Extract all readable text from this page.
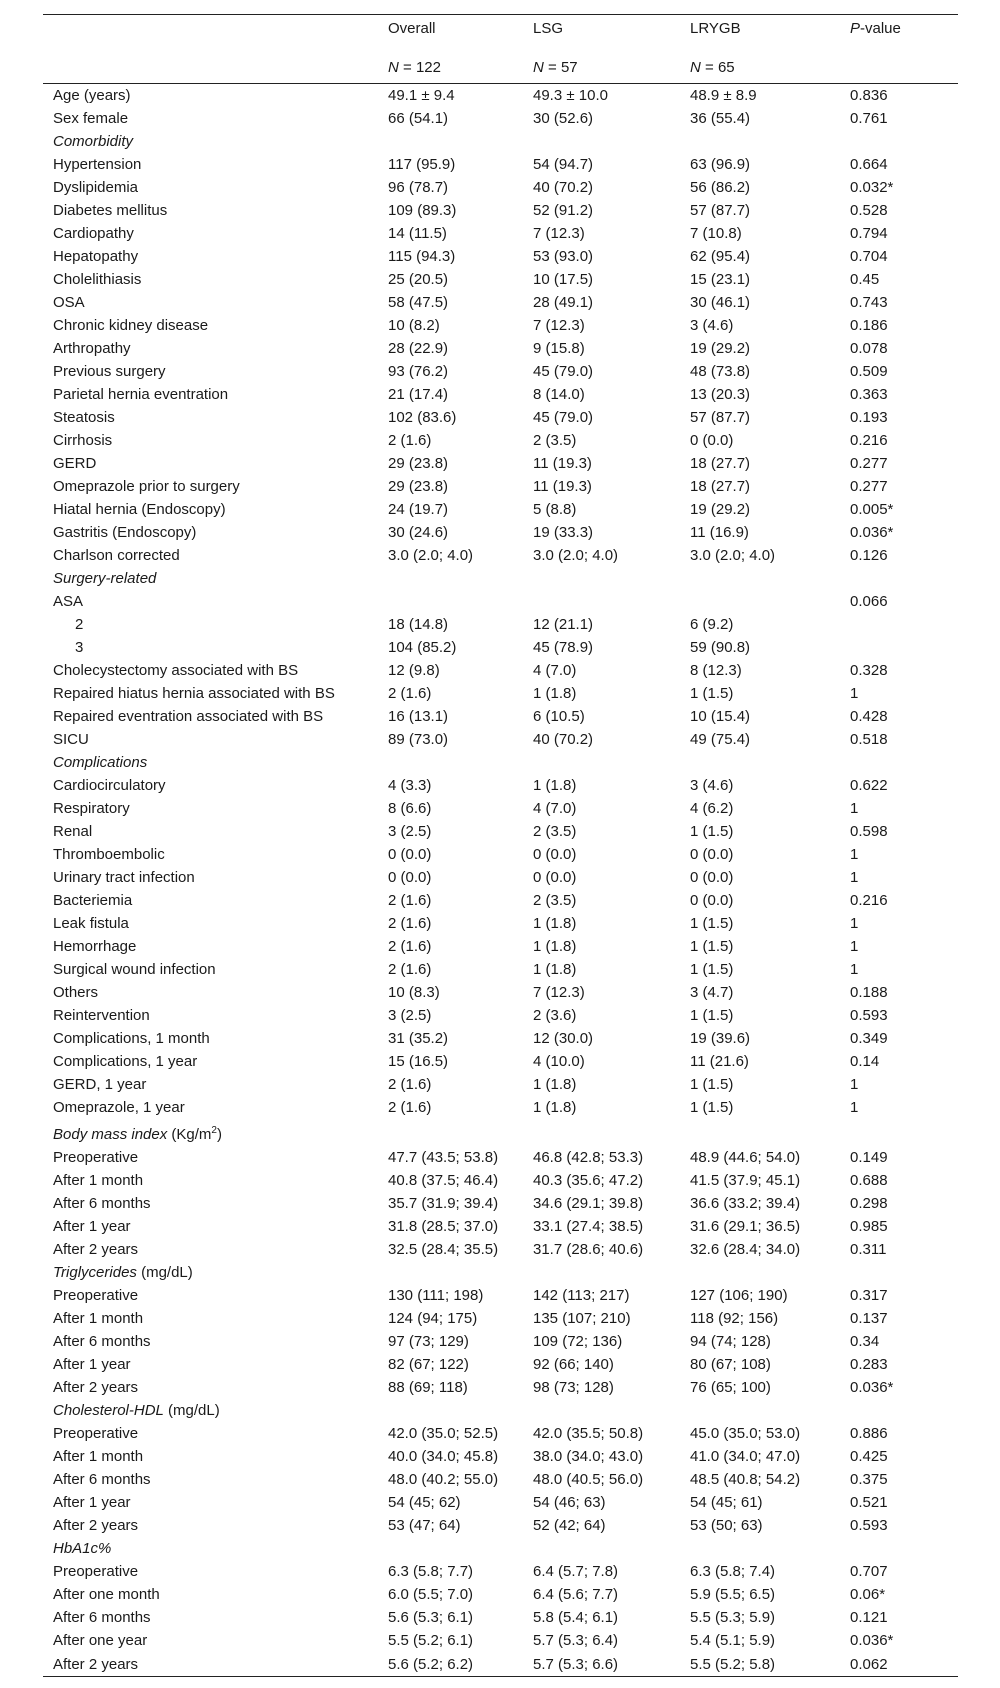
	Overall	LSG	LRYGB	P-value
	N = 122	N = 57	N = 65	
Age (years)	49.1 ± 9.4	49.3 ± 10.0	48.9 ± 8.9	0.836
Sex female	66 (54.1)	30 (52.6)	36 (55.4)	0.761
Comorbidity				
Hypertension	117 (95.9)	54 (94.7)	63 (96.9)	0.664
Dyslipidemia	96 (78.7)	40 (70.2)	56 (86.2)	0.032*
Diabetes mellitus	109 (89.3)	52 (91.2)	57 (87.7)	0.528
Cardiopathy	14 (11.5)	7 (12.3)	7 (10.8)	0.794
Hepatopathy	115 (94.3)	53 (93.0)	62 (95.4)	0.704
Cholelithiasis	25 (20.5)	10 (17.5)	15 (23.1)	0.45
OSA	58 (47.5)	28 (49.1)	30 (46.1)	0.743
Chronic kidney disease	10 (8.2)	7 (12.3)	3 (4.6)	0.186
Arthropathy	28 (22.9)	9 (15.8)	19 (29.2)	0.078
Previous surgery	93 (76.2)	45 (79.0)	48 (73.8)	0.509
Parietal hernia eventration	21 (17.4)	8 (14.0)	13 (20.3)	0.363
Steatosis	102 (83.6)	45 (79.0)	57 (87.7)	0.193
Cirrhosis	2 (1.6)	2 (3.5)	0 (0.0)	0.216
GERD	29 (23.8)	11 (19.3)	18 (27.7)	0.277
Omeprazole prior to surgery	29 (23.8)	11 (19.3)	18 (27.7)	0.277
Hiatal hernia (Endoscopy)	24 (19.7)	5 (8.8)	19 (29.2)	0.005*
Gastritis (Endoscopy)	30 (24.6)	19 (33.3)	11 (16.9)	0.036*
Charlson corrected	3.0 (2.0; 4.0)	3.0 (2.0; 4.0)	3.0 (2.0; 4.0)	0.126
Surgery-related				
ASA				0.066
2	18 (14.8)	12 (21.1)	6 (9.2)	
3	104 (85.2)	45 (78.9)	59 (90.8)	
Cholecystectomy associated with BS	12 (9.8)	4 (7.0)	8 (12.3)	0.328
Repaired hiatus hernia associated with BS	2 (1.6)	1 (1.8)	1 (1.5)	1
Repaired eventration associated with BS	16 (13.1)	6 (10.5)	10 (15.4)	0.428
SICU	89 (73.0)	40 (70.2)	49 (75.4)	0.518
Complications				
Cardiocirculatory	4 (3.3)	1 (1.8)	3 (4.6)	0.622
Respiratory	8 (6.6)	4 (7.0)	4 (6.2)	1
Renal	3 (2.5)	2 (3.5)	1 (1.5)	0.598
Thromboembolic	0 (0.0)	0 (0.0)	0 (0.0)	1
Urinary tract infection	0 (0.0)	0 (0.0)	0 (0.0)	1
Bacteriemia	2 (1.6)	2 (3.5)	0 (0.0)	0.216
Leak fistula	2 (1.6)	1 (1.8)	1 (1.5)	1
Hemorrhage	2 (1.6)	1 (1.8)	1 (1.5)	1
Surgical wound infection	2 (1.6)	1 (1.8)	1 (1.5)	1
Others	10 (8.3)	7 (12.3)	3 (4.7)	0.188
Reintervention	3 (2.5)	2 (3.6)	1 (1.5)	0.593
Complications, 1 month	31 (35.2)	12 (30.0)	19 (39.6)	0.349
Complications, 1 year	15 (16.5)	4 (10.0)	11 (21.6)	0.14
GERD, 1 year	2 (1.6)	1 (1.8)	1 (1.5)	1
Omeprazole, 1 year	2 (1.6)	1 (1.8)	1 (1.5)	1
Body mass index $(Kg/m^2)$				
Preoperative	47.7 (43.5; 53.8)	46.8 (42.8; 53.3)	48.9 (44.6; 54.0)	0.149
After 1 month	40.8 (37.5; 46.4)	40.3 (35.6; 47.2)	41.5 (37.9; 45.1)	0.688
After 6 months	35.7 (31.9; 39.4)	34.6 (29.1; 39.8)	36.6 (33.2; 39.4)	0.298
After 1 year	31.8 (28.5; 37.0)	33.1 (27.4; 38.5)	31.6 (29.1; 36.5)	0.985
After 2 years	32.5 (28.4; 35.5)	31.7 (28.6; 40.6)	32.6 (28.4; 34.0)	0.311
Triglycerides (mg/dL)				
Preoperative	130 (111; 198)	142 (113; 217)	127 (106; 190)	0.317
After 1 month	124 (94; 175)	135 (107; 210)	118 (92; 156)	0.137
After 6 months	97 (73; 129)	109 (72; 136)	94 (74; 128)	0.34
After 1 year	82 (67; 122)	92 (66; 140)	80 (67; 108)	0.283
After 2 years	88 (69; 118)	98 (73; 128)	76 (65; 100)	0.036*
Cholesterol-HDL (mg/dL)				
Preoperative	42.0 (35.0; 52.5)	42.0 (35.5; 50.8)	45.0 (35.0; 53.0)	0.886
After 1 month	40.0 (34.0; 45.8)	38.0 (34.0; 43.0)	41.0 (34.0; 47.0)	0.425
After 6 months	48.0 (40.2; 55.0)	48.0 (40.5; 56.0)	48.5 (40.8; 54.2)	0.375
After 1 year	54 (45; 62)	54 (46; 63)	54 (45; 61)	0.521
After 2 years	53 (47; 64)	52 (42; 64)	53 (50; 63)	0.593
HbA1c%				
Preoperative	6.3 (5.8; 7.7)	6.4 (5.7; 7.8)	6.3 (5.8; 7.4)	0.707
After one month	6.0 (5.5; 7.0)	6.4 (5.6; 7.7)	5.9 (5.5; 6.5)	0.06*
After 6 months	5.6 (5.3; 6.1)	5.8 (5.4; 6.1)	5.5 (5.3; 5.9)	0.121
After one year	5.5 (5.2; 6.1)	5.7 (5.3; 6.4)	5.4 (5.1; 5.9)	0.036*
After 2 years	5.6 (5.2; 6.2)	5.7 (5.3; 6.6)	5.5 (5.2; 5.8)	0.062
